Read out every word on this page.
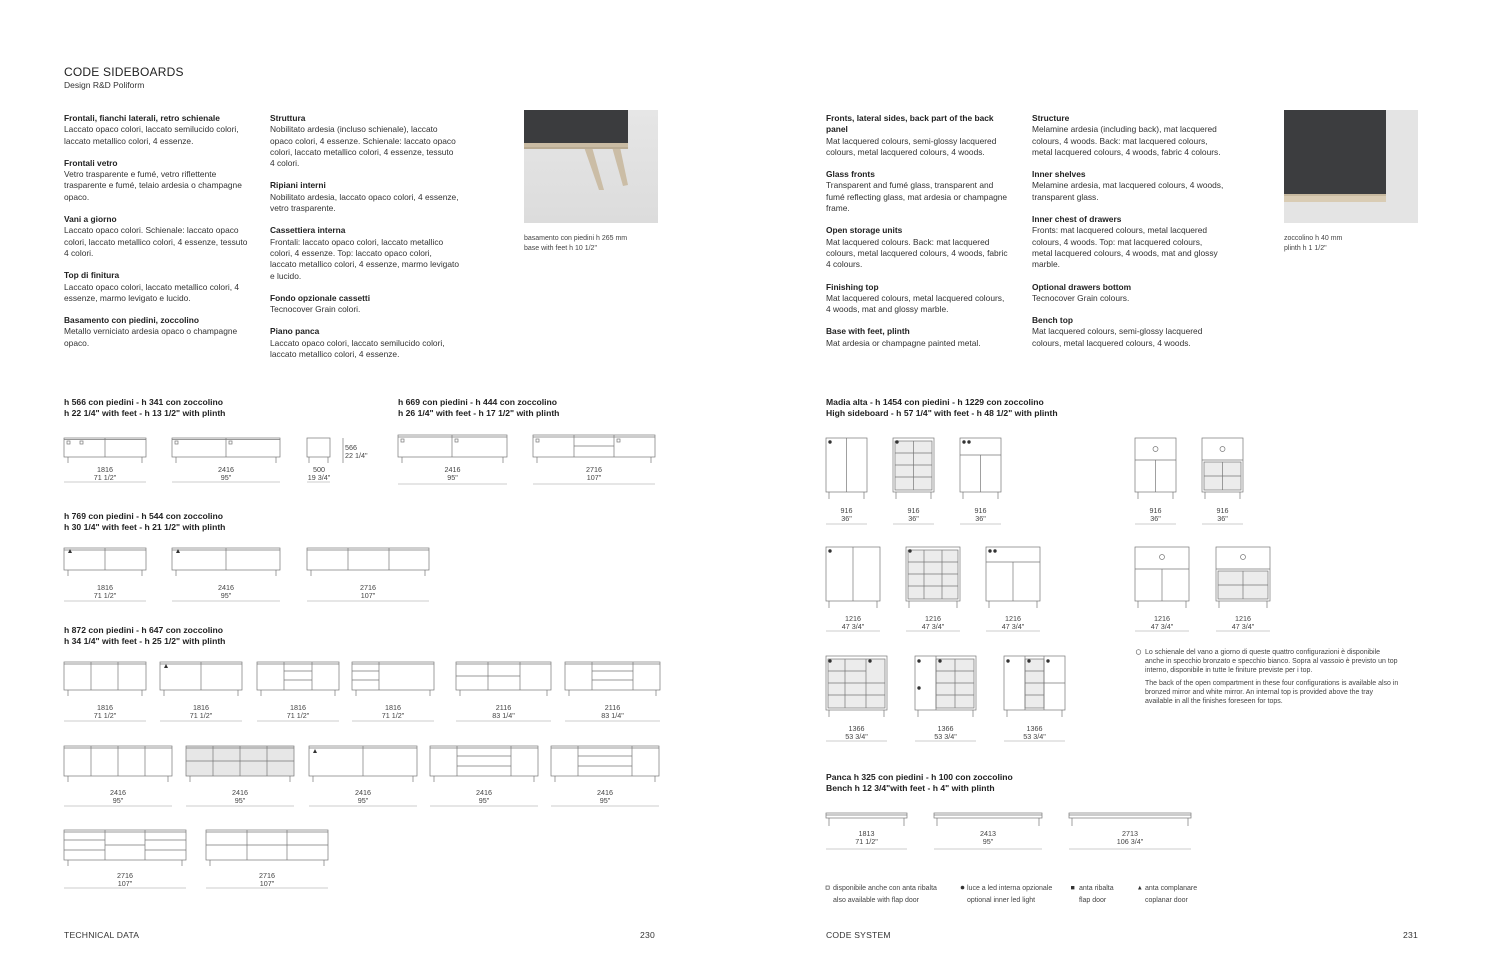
CODE SIDEBOARDS
Design R&D Poliform
Frontali, fianchi laterali, retro schienale
Laccato opaco colori, laccato semilucido colori, laccato metallico colori, 4 essenze.
Frontali vetro
Vetro trasparente e fumé, vetro riflettente trasparente e fumé, telaio ardesia o champagne opaco.
Vani a giorno
Laccato opaco colori. Schienale: laccato opaco colori, laccato metallico colori, 4 essenze, tessuto 4 colori.
Top di finitura
Laccato opaco colori, laccato metallico colori, 4 essenze, marmo levigato e lucido.
Basamento con piedini, zoccolino
Metallo verniciato ardesia opaco o champagne opaco.
Struttura
Nobilitato ardesia (incluso schienale), laccato opaco colori, 4 essenze. Schienale: laccato opaco colori, laccato metallico colori, 4 essenze, tessuto 4 colori.
Ripiani interni
Nobilitato ardesia, laccato opaco colori, 4 essenze, vetro trasparente.
Cassettiera interna
Frontali: laccato opaco colori, laccato metallico colori, 4 essenze. Top: laccato opaco colori, laccato metallico colori, 4 essenze, marmo levigato e lucido.
Fondo opzionale cassetti
Tecnocover Grain colori.
Piano panca
Laccato opaco colori, laccato semilucido colori, laccato metallico colori, 4 essenze.
basamento con piedini h 265 mm
base with feet h 10 1/2"
h 566 con piedini - h 341 con zoccolino
h 22 1/4" with feet - h 13 1/2" with plinth
h 669 con piedini - h 444 con zoccolino
h 26 1/4" with feet - h 17 1/2" with plinth
h 769 con piedini - h 544 con zoccolino
h 30 1/4" with feet - h 21 1/2" with plinth
h 872 con piedini - h 647 con zoccolino
h 34 1/4" with feet - h 25 1/2" with plinth
1816
71 1/2"
2416
95"
500
19 3/4"
566
22 1/4"
2416
95"
2716
107"
1816
71 1/2"
2416
95"
2716
107"
1816
71 1/2"
1816
71 1/2"
1816
71 1/2"
1816
71 1/2"
2116
83 1/4"
2116
83 1/4"
2416
95"
2416
95"
2416
95"
2416
95"
2416
95"
2716
107"
2716
107"
TECHNICAL DATA	230
Fronts, lateral sides, back part of the back panel
Mat lacquered colours, semi-glossy lacquered colours, metal lacquered colours, 4 woods.
Glass fronts
Transparent and fumé glass, transparent and fumé reflecting glass, mat ardesia or champagne frame.
Open storage units
Mat lacquered colours. Back: mat lacquered colours, metal lacquered colours, 4 woods, fabric 4 colours.
Finishing top
Mat lacquered colours, metal lacquered colours, 4 woods, mat and glossy marble.
Base with feet, plinth
Mat ardesia or champagne painted metal.
Structure
Melamine ardesia (including back), mat lacquered colours, 4 woods. Back: mat lacquered colours, metal lacquered colours, 4 woods, fabric 4 colours.
Inner shelves
Melamine ardesia, mat lacquered colours, 4 woods, transparent glass.
Inner chest of drawers
Fronts: mat lacquered colours, metal lacquered colours, 4 woods. Top: mat lacquered colours, metal lacquered colours, 4 woods, mat and glossy marble.
Optional drawers bottom
Tecnocover Grain colours.
Bench top
Mat lacquered colours, semi-glossy lacquered colours, metal lacquered colours, 4 woods.
zoccolino h 40 mm
plinth h 1 1/2"
Madia alta - h 1454 con piedini - h 1229 con zoccolino
High sideboard - h 57 1/4" with feet - h 48 1/2" with plinth
916
36"
916
36"
916
36"
916
36"
916
36"
1216
47 3/4"
1216
47 3/4"
1216
47 3/4"
1216
47 3/4"
1216
47 3/4"
1366
53 3/4"
1366
53 3/4"
1366
53 3/4"
Lo schienale del vano a giorno di queste quattro configurazioni è disponibile anche in specchio bronzato e specchio bianco. Sopra al vassoio è previsto un top interno, disponibile in tutte le finiture previste per i top.
The back of the open compartment in these four configurations is available also in bronzed mirror and white mirror. An internal top is provided above the tray available in all the finishes foreseen for tops.
Panca h 325 con piedini - h 100 con zoccolino
Bench h 12 3/4"with feet - h 4" with plinth
1813
71 1/2"
2413
95"
2713
106 3/4"
disponibile anche con anta ribalta
also available with flap door
luce a led interna opzionale
optional inner led light
anta ribalta
flap door
anta complanare
coplanar door
CODE SYSTEM	231
